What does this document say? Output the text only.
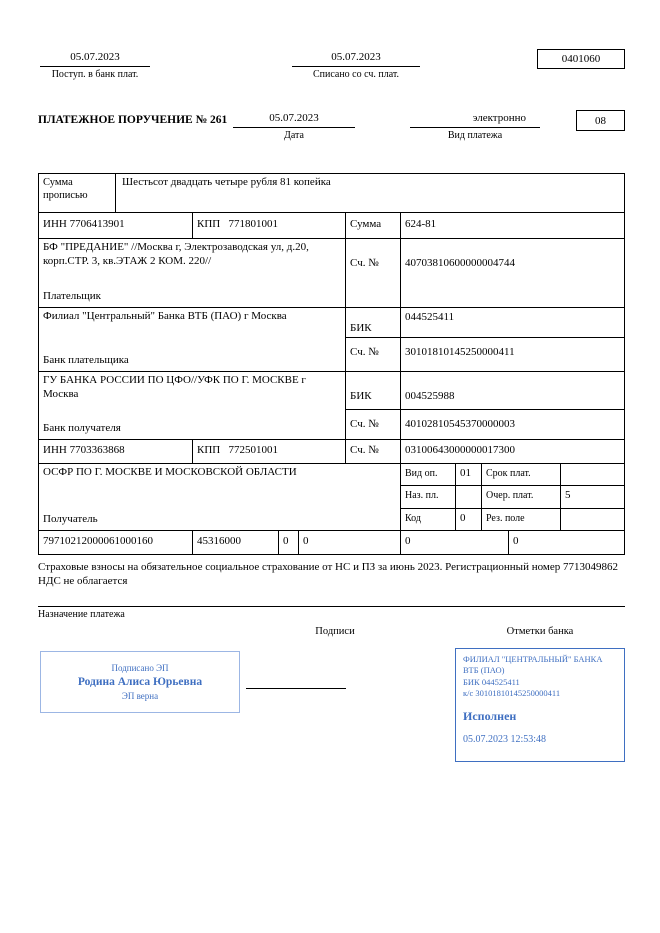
05.07.2023
Поступ. в банк плат.
05.07.2023
Списано со сч. плат.
0401060
ПЛАТЕЖНОЕ ПОРУЧЕНИЕ № 261	05.07.2023
Дата
электронно
Вид платежа
08
Сумма прописью
Шестьсот двадцать четыре рубля 81 копейка
ИНН 7706413901	КПП   771801001	Сумма	624-81
БФ "ПРЕДАНИЕ" //Москва г, Электрозаводская ул, д.20, корп.СТР. 3, кв.ЭТАЖ 2 КОМ. 220//
Плательщик
Сч. №	40703810600000004744
Филиал "Центральный" Банка ВТБ (ПАО) г Москва
Банк плательщика
БИК
044525411
Сч. №	30101810145250000411
ГУ БАНКА РОССИИ ПО ЦФО//УФК ПО Г. МОСКВЕ г Москва
Банк получателя
БИК	004525988
Сч. №	40102810545370000003
ИНН 7703363868	КПП   772501001	Сч. №	03100643000000017300
ОСФР ПО Г. МОСКВЕ И МОСКОВСКОЙ ОБЛАСТИ
Получатель
Вид оп.	01	Срок плат.
Наз. пл.	Очер. плат.	5
Код	0	Рез. поле
79710212000061000160	45316000	0	0	0	0
Страховые взносы на обязательное социальное страхование от НС и ПЗ за июнь 2023. Регистрационный номер 7713049862 НДС не облагается
Назначение платежа
Подписи	Отметки банка
Подписано ЭП
Родина Алиса Юрьевна
ЭП верна
ФИЛИАЛ "ЦЕНТРАЛЬНЫЙ" БАНКА
ВТБ (ПАО)
БИК 044525411
к/с 30101810145250000411
Исполнен
05.07.2023 12:53:48
